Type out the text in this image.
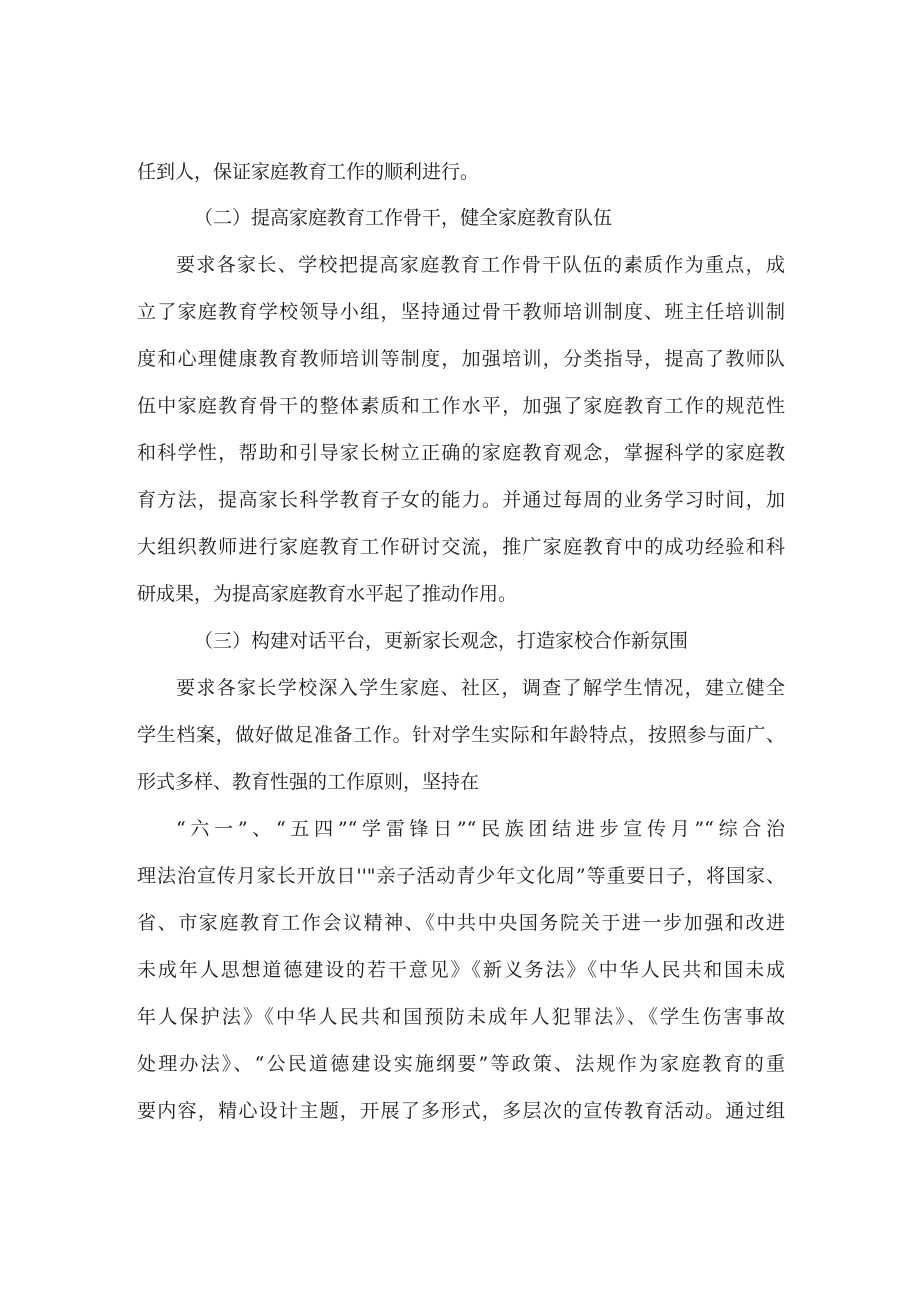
任到人，保证家庭教育工作的顺利进行。
（二）提高家庭教育工作骨干，健全家庭教育队伍
要求各家长、学校把提高家庭教育工作骨干队伍的素质作为重点，成
立了家庭教育学校领导小组，坚持通过骨干教师培训制度、班主任培训制
度和心理健康教育教师培训等制度，加强培训，分类指导，提高了教师队
伍中家庭教育骨干的整体素质和工作水平，加强了家庭教育工作的规范性
和科学性，帮助和引导家长树立正确的家庭教育观念，掌握科学的家庭教
育方法，提高家长科学教育子女的能力。并通过每周的业务学习时间，加
大组织教师进行家庭教育工作研讨交流，推广家庭教育中的成功经验和科
研成果，为提高家庭教育水平起了推动作用。
（三）构建对话平台，更新家长观念，打造家校合作新氛围
要求各家长学校深入学生家庭、社区，调查了解学生情况，建立健全
学生档案，做好做足准备工作。针对学生实际和年龄特点，按照参与面广、
形式多样、教育性强的工作原则，坚持在
“六一”、“五四”“学雷锋日”“民族团结进步宣传月”“综合治
理法治宣传月家长开放日''"亲子活动青少年文化周”等重要日子，将国家、
省、市家庭教育工作会议精神、《中共中央国务院关于进一步加强和改进
未成年人思想道德建设的若干意见》《新义务法》《中华人民共和国未成
年人保护法》《中华人民共和国预防未成年人犯罪法》、《学生伤害事故
处理办法》、“公民道德建设实施纲要”等政策、法规作为家庭教育的重
要内容，精心设计主题，开展了多形式，多层次的宣传教育活动。通过组
